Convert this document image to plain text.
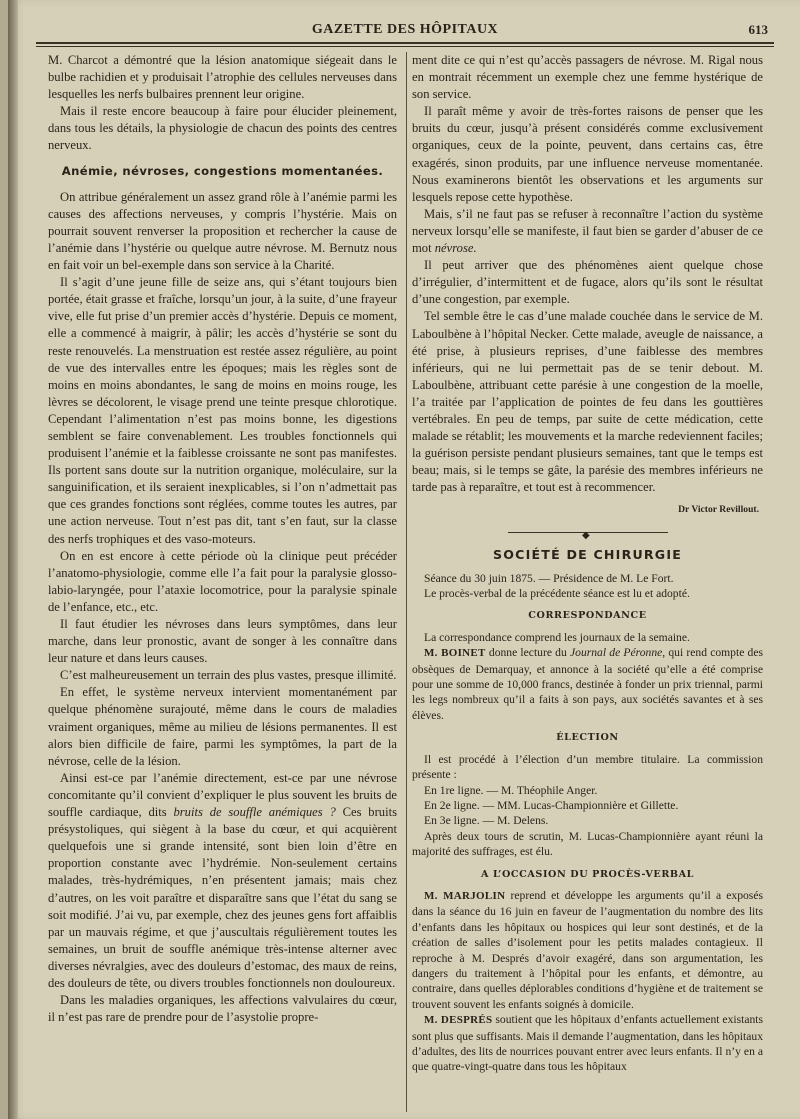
GAZETTE DES HÔPITAUX	613

M. Charcot a démontré que la lésion anatomique siégeait dans le bulbe rachidien et y produisait l’atrophie des cellules nerveuses dans lesquelles les nerfs bulbaires prennent leur origine.

Mais il reste encore beaucoup à faire pour élucider pleinement, dans tous les détails, la physiologie de chacun des points des centres nerveux.

Anémie, névroses, congestions momentanées.

On attribue généralement un assez grand rôle à l’anémie parmi les causes des affections nerveuses, y compris l’hystérie. Mais on pourrait souvent renverser la proposition et rechercher la cause de l’anémie dans l’hystérie ou quelque autre névrose. M. Bernutz nous en fait voir un bel-exemple dans son service à la Charité.

Il s’agit d’une jeune fille de seize ans, qui s’étant toujours bien portée, était grasse et fraîche, lorsqu’un jour, à la suite, d’une frayeur vive, elle fut prise d’un premier accès d’hystérie. Depuis ce moment, elle a commencé à maigrir, à pâlir; les accès d’hystérie se sont du reste renouvelés. La menstruation est restée assez régulière, au point de vue des intervalles entre les époques; mais les règles sont de moins en moins abondantes, le sang de moins en moins rouge, les lèvres se décolorent, le visage prend une teinte presque chlorotique. Cependant l’alimentation n’est pas moins bonne, les digestions semblent se faire convenablement. Les troubles fonctionnels qui produisent l’anémie et la faiblesse croissante ne sont pas manifestes. Ils portent sans doute sur la nutrition organique, moléculaire, sur la sanguinification, et ils seraient inexplicables, si l’on n’admettait pas que ces grandes fonctions sont réglées, comme toutes les autres, par une action nerveuse. Tout n’est pas dit, tant s’en faut, sur la classe des nerfs trophiques et des vaso-moteurs.

On en est encore à cette période où la clinique peut précéder l’anatomo-physiologie, comme elle l’a fait pour la paralysie glosso-labio-laryngée, pour l’ataxie locomotrice, pour la paralysie spinale de l’enfance, etc., etc.

Il faut étudier les névroses dans leurs symptômes, dans leur marche, dans leur pronostic, avant de songer à les connaître dans leur nature et dans leurs causes.

C’est malheureusement un terrain des plus vastes, presque illimité.

En effet, le système nerveux intervient momentanément par quelque phénomène surajouté, même dans le cours de maladies vraiment organiques, même au milieu de lésions permanentes. Il est alors bien difficile de faire, parmi les symptômes, la part de la névrose, celle de la lésion.

Ainsi est-ce par l’anémie directement, est-ce par une névrose concomitante qu’il convient d’expliquer le plus souvent les bruits de souffle cardiaque, dits bruits de souffle anémiques ? Ces bruits présystoliques, qui siègent à la base du cœur, et qui acquièrent quelquefois une si grande intensité, sont bien loin d’être en proportion constante avec l’hydrémie. Non-seulement certains malades, très-hydrémiques, n’en présentent jamais; mais chez d’autres, on les voit paraître et disparaître sans que l’état du sang se soit modifié. J’ai vu, par exemple, chez des jeunes gens fort affaiblis par un mauvais régime, et que j’auscultais régulièrement toutes les semaines, un bruit de souffle anémique très-intense alterner avec diverses névralgies, avec des douleurs d’estomac, des maux de reins, des douleurs de tête, ou divers troubles fonctionnels non douloureux.

Dans les maladies organiques, les affections valvulaires du cœur, il n’est pas rare de prendre pour de l’asystolie propre-

ment dite ce qui n’est qu’accès passagers de névrose. M. Rigal nous en montrait récemment un exemple chez une femme hystérique de son service.

Il paraît même y avoir de très-fortes raisons de penser que les bruits du cœur, jusqu’à présent considérés comme exclusivement organiques, ceux de la pointe, peuvent, dans certains cas, être exagérés, sinon produits, par une influence nerveuse momentanée. Nous examinerons bientôt les observations et les arguments sur lesquels repose cette hypothèse.

Mais, s’il ne faut pas se refuser à reconnaître l’action du système nerveux lorsqu’elle se manifeste, il faut bien se garder d’abuser de ce mot névrose.

Il peut arriver que des phénomènes aient quelque chose d’irrégulier, d’intermittent et de fugace, alors qu’ils sont le résultat d’une congestion, par exemple.

Tel semble être le cas d’une malade couchée dans le service de M. Laboulbène à l’hôpital Necker. Cette malade, aveugle de naissance, a été prise, à plusieurs reprises, d’une faiblesse des membres inférieurs, qui ne lui permettait pas de se tenir debout. M. Laboulbène, attribuant cette parésie à une congestion de la moelle, l’a traitée par l’application de pointes de feu dans les gouttières vertébrales. En peu de temps, par suite de cette médication, cette malade se rétablit; les mouvements et la marche redeviennent faciles; la guérison persiste pendant plusieurs semaines, tant que le temps est beau; mais, si le temps se gâte, la parésie des membres inférieurs ne tarde pas à reparaître, et tout est à recommencer.

Dr Victor Revillout.
◆
SOCIÉTÉ DE CHIRURGIE

Séance du 30 juin 1875. — Présidence de M. Le Fort.

Le procès-verbal de la précédente séance est lu et adopté.

CORRESPONDANCE

La correspondance comprend les journaux de la semaine.

M. BOINET donne lecture du Journal de Péronne, qui rend compte des obsèques de Demarquay, et annonce à la société qu’elle a été comprise pour une somme de 10,000 francs, destinée à fonder un prix triennal, parmi les legs nombreux qu’il a faits à son pays, aux sociétés savantes et à ses élèves.

ÉLECTION

Il est procédé à l’élection d’un membre titulaire. La commission présente :

En 1re ligne. — M. Théophile Anger.

En 2e ligne. — MM. Lucas-Championnière et Gillette.

En 3e ligne. — M. Delens.

Après deux tours de scrutin, M. Lucas-Championnière ayant réuni la majorité des suffrages, est élu.

A L’OCCASION DU PROCÈS-VERBAL

M. MARJOLIN reprend et développe les arguments qu’il a exposés dans la séance du 16 juin en faveur de l’augmentation du nombre des lits d’enfants dans les hôpitaux ou hospices qui leur sont destinés, et de la création de salles d’isolement pour les petits malades contagieux. Il reproche à M. Després d’avoir exagéré, dans son argumentation, les dangers du traitement à l’hôpital pour les enfants, et démontre, au contraire, dans quelles déplorables conditions d’hygiène et de traitement se trouvent souvent les enfants soignés à domicile.

M. DESPRÉS soutient que les hôpitaux d’enfants actuellement existants sont plus que suffisants. Mais il demande l’augmentation, dans les hôpitaux d’adultes, des lits de nourrices pouvant entrer avec leurs enfants. Il n’y en a que quatre-vingt-quatre dans tous les hôpitaux
